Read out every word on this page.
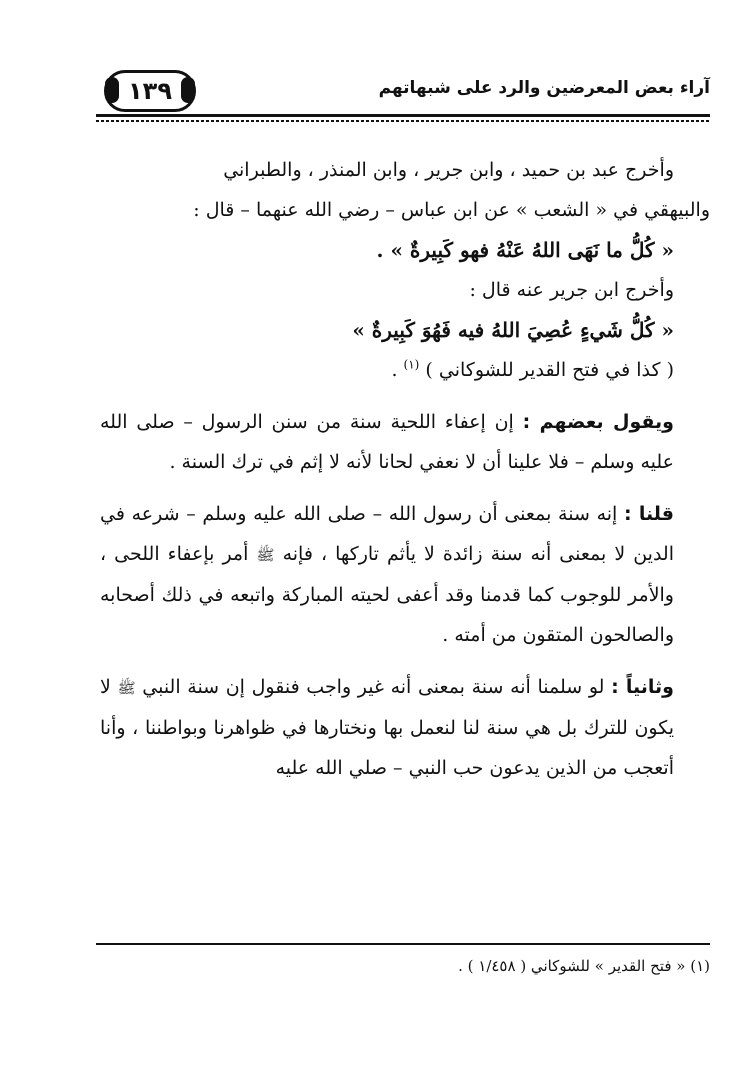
١٣٩	آراء بعض المعرضين والرد على شبهاتهم

وأخرج عبد بن حميد ، وابن جرير ، وابن المنذر ، والطبراني

والبيهقي في « الشعب » عن ابن عباس – رضي الله عنهما – قال :

« كُلُّ ما نَهَى اللهُ عَنْهُ فهو كَبِيرةٌ » .

وأخرج ابن جرير عنه قال :

« كُلُّ شَيءٍ عُصِيَ اللهُ فيه فَهُوَ كَبِيرةٌ »

( كذا في فتح القدير للشوكاني ) $^{(١)}$ .

ويقول بعضهم : إن إعفاء اللحية سنة من سنن الرسول – صلى الله عليه وسلم – فلا علينا أن لا نعفي لحانا لأنه لا إثم في ترك السنة .

قلنا : إنه سنة بمعنى أن رسول الله – صلى الله عليه وسلم – شرعه في الدين لا بمعنى أنه سنة زائدة لا يأثم تاركها ، فإنه ﷺ أمر بإعفاء اللحى ، والأمر للوجوب كما قدمنا وقد أعفى لحيته المباركة واتبعه في ذلك أصحابه والصالحون المتقون من أمته .

وثانياً : لو سلمنا أنه سنة بمعنى أنه غير واجب فنقول إن سنة النبي ﷺ لا يكون للترك بل هي سنة لنا لنعمل بها ونختارها في ظواهرنا وبواطننا ، وأنا أتعجب من الذين يدعون حب النبي – صلي الله عليه

(١) « فتح القدير » للشوكاني ( ١/٤٥٨ ) .
